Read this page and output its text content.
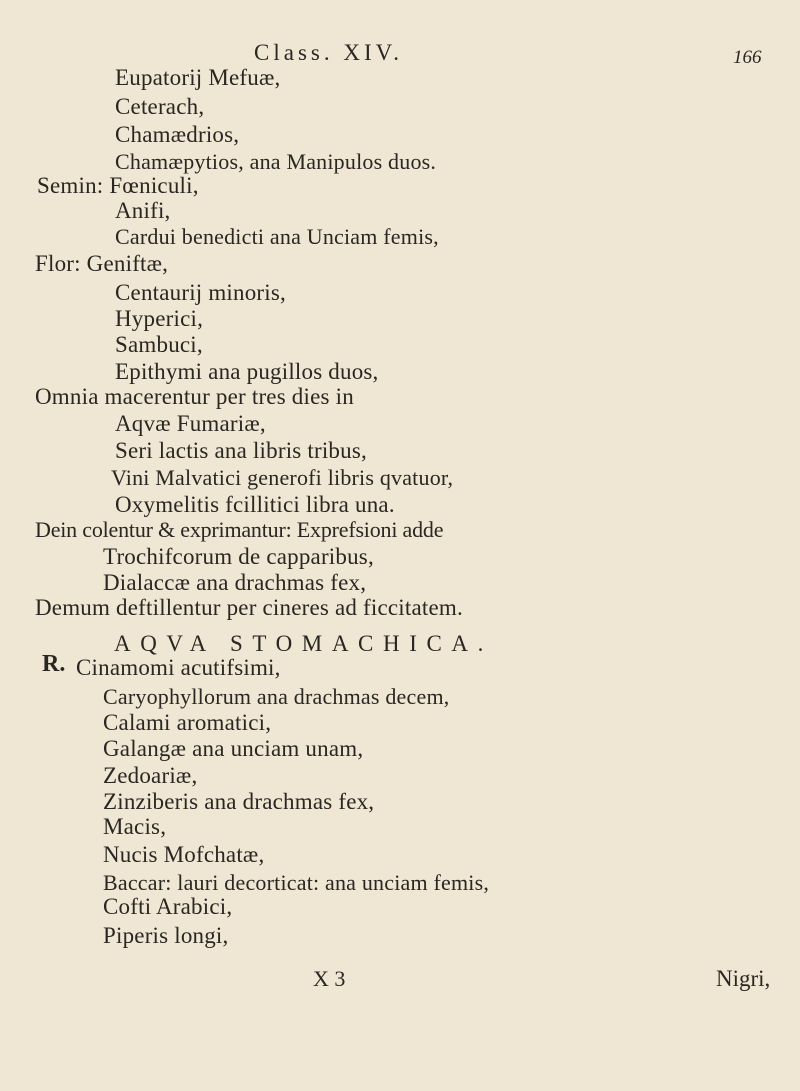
Class. XIV.	166
Eupatorij Mefuæ,
Ceterach,
Chamædrios,
Chamæpytios, ana Manipulos duos.
Semin: Fœniculi,
Anifi,
Cardui benedicti ana Unciam femis,
Flor: Geniftæ,
Centaurij minoris,
Hyperici,
Sambuci,
Epithymi ana pugillos duos,
Omnia macerentur per tres dies in
Aqvæ Fumariæ,
Seri lactis ana libris tribus,
Vini Malvatici generofi libris qvatuor,
Oxymelitis fcillitici libra una.
Dein colentur & exprimantur: Exprefsioni adde
Trochifcorum de capparibus,
Dialaccæ ana drachmas fex,
Demum deftillentur per cineres ad ficcitatem.
AQVA STOMACHICA.
R. Cinamomi acutifsimi,
Caryophyllorum ana drachmas decem,
Calami aromatici,
Galangæ ana unciam unam,
Zedoariæ,
Zinziberis ana drachmas fex,
Macis,
Nucis Mofchatæ,
Baccar: lauri decorticat: ana unciam femis,
Cofti Arabici,
Piperis longi,
X 3	Nigri,
